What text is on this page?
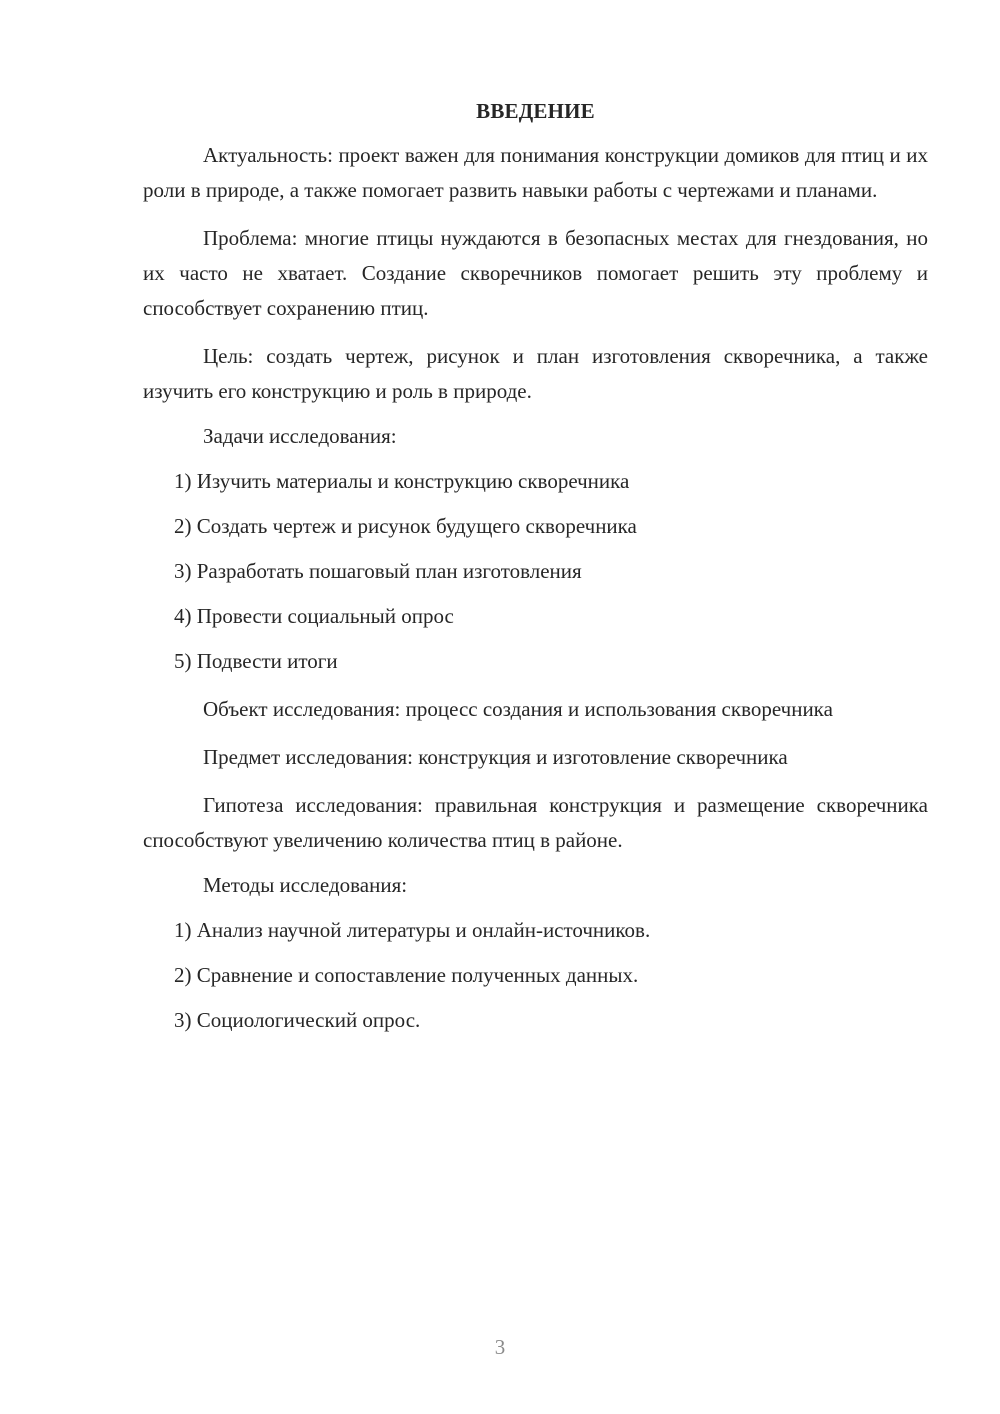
ВВЕДЕНИЕ

Актуальность: проект важен для понимания конструкции домиков для птиц и их роли в природе, а также помогает развить навыки работы с чертежами и планами.

Проблема: многие птицы нуждаются в безопасных местах для гнездования, но их часто не хватает. Создание скворечников помогает решить эту проблему и способствует сохранению птиц.

Цель: создать чертеж, рисунок и план изготовления скворечника, а также изучить его конструкцию и роль в природе.

Задачи исследования:
1) Изучить материалы и конструкцию скворечника
2) Создать чертеж и рисунок будущего скворечника
3) Разработать пошаговый план изготовления
4) Провести социальный опрос
5) Подвести итоги

Объект исследования: процесс создания и использования скворечника

Предмет исследования: конструкция и изготовление скворечника

Гипотеза исследования: правильная конструкция и размещение скворечника способствуют увеличению количества птиц в районе.

Методы исследования:
1) Анализ научной литературы и онлайн-источников.
2) Сравнение и сопоставление полученных данных.
3) Социологический опрос.
3
